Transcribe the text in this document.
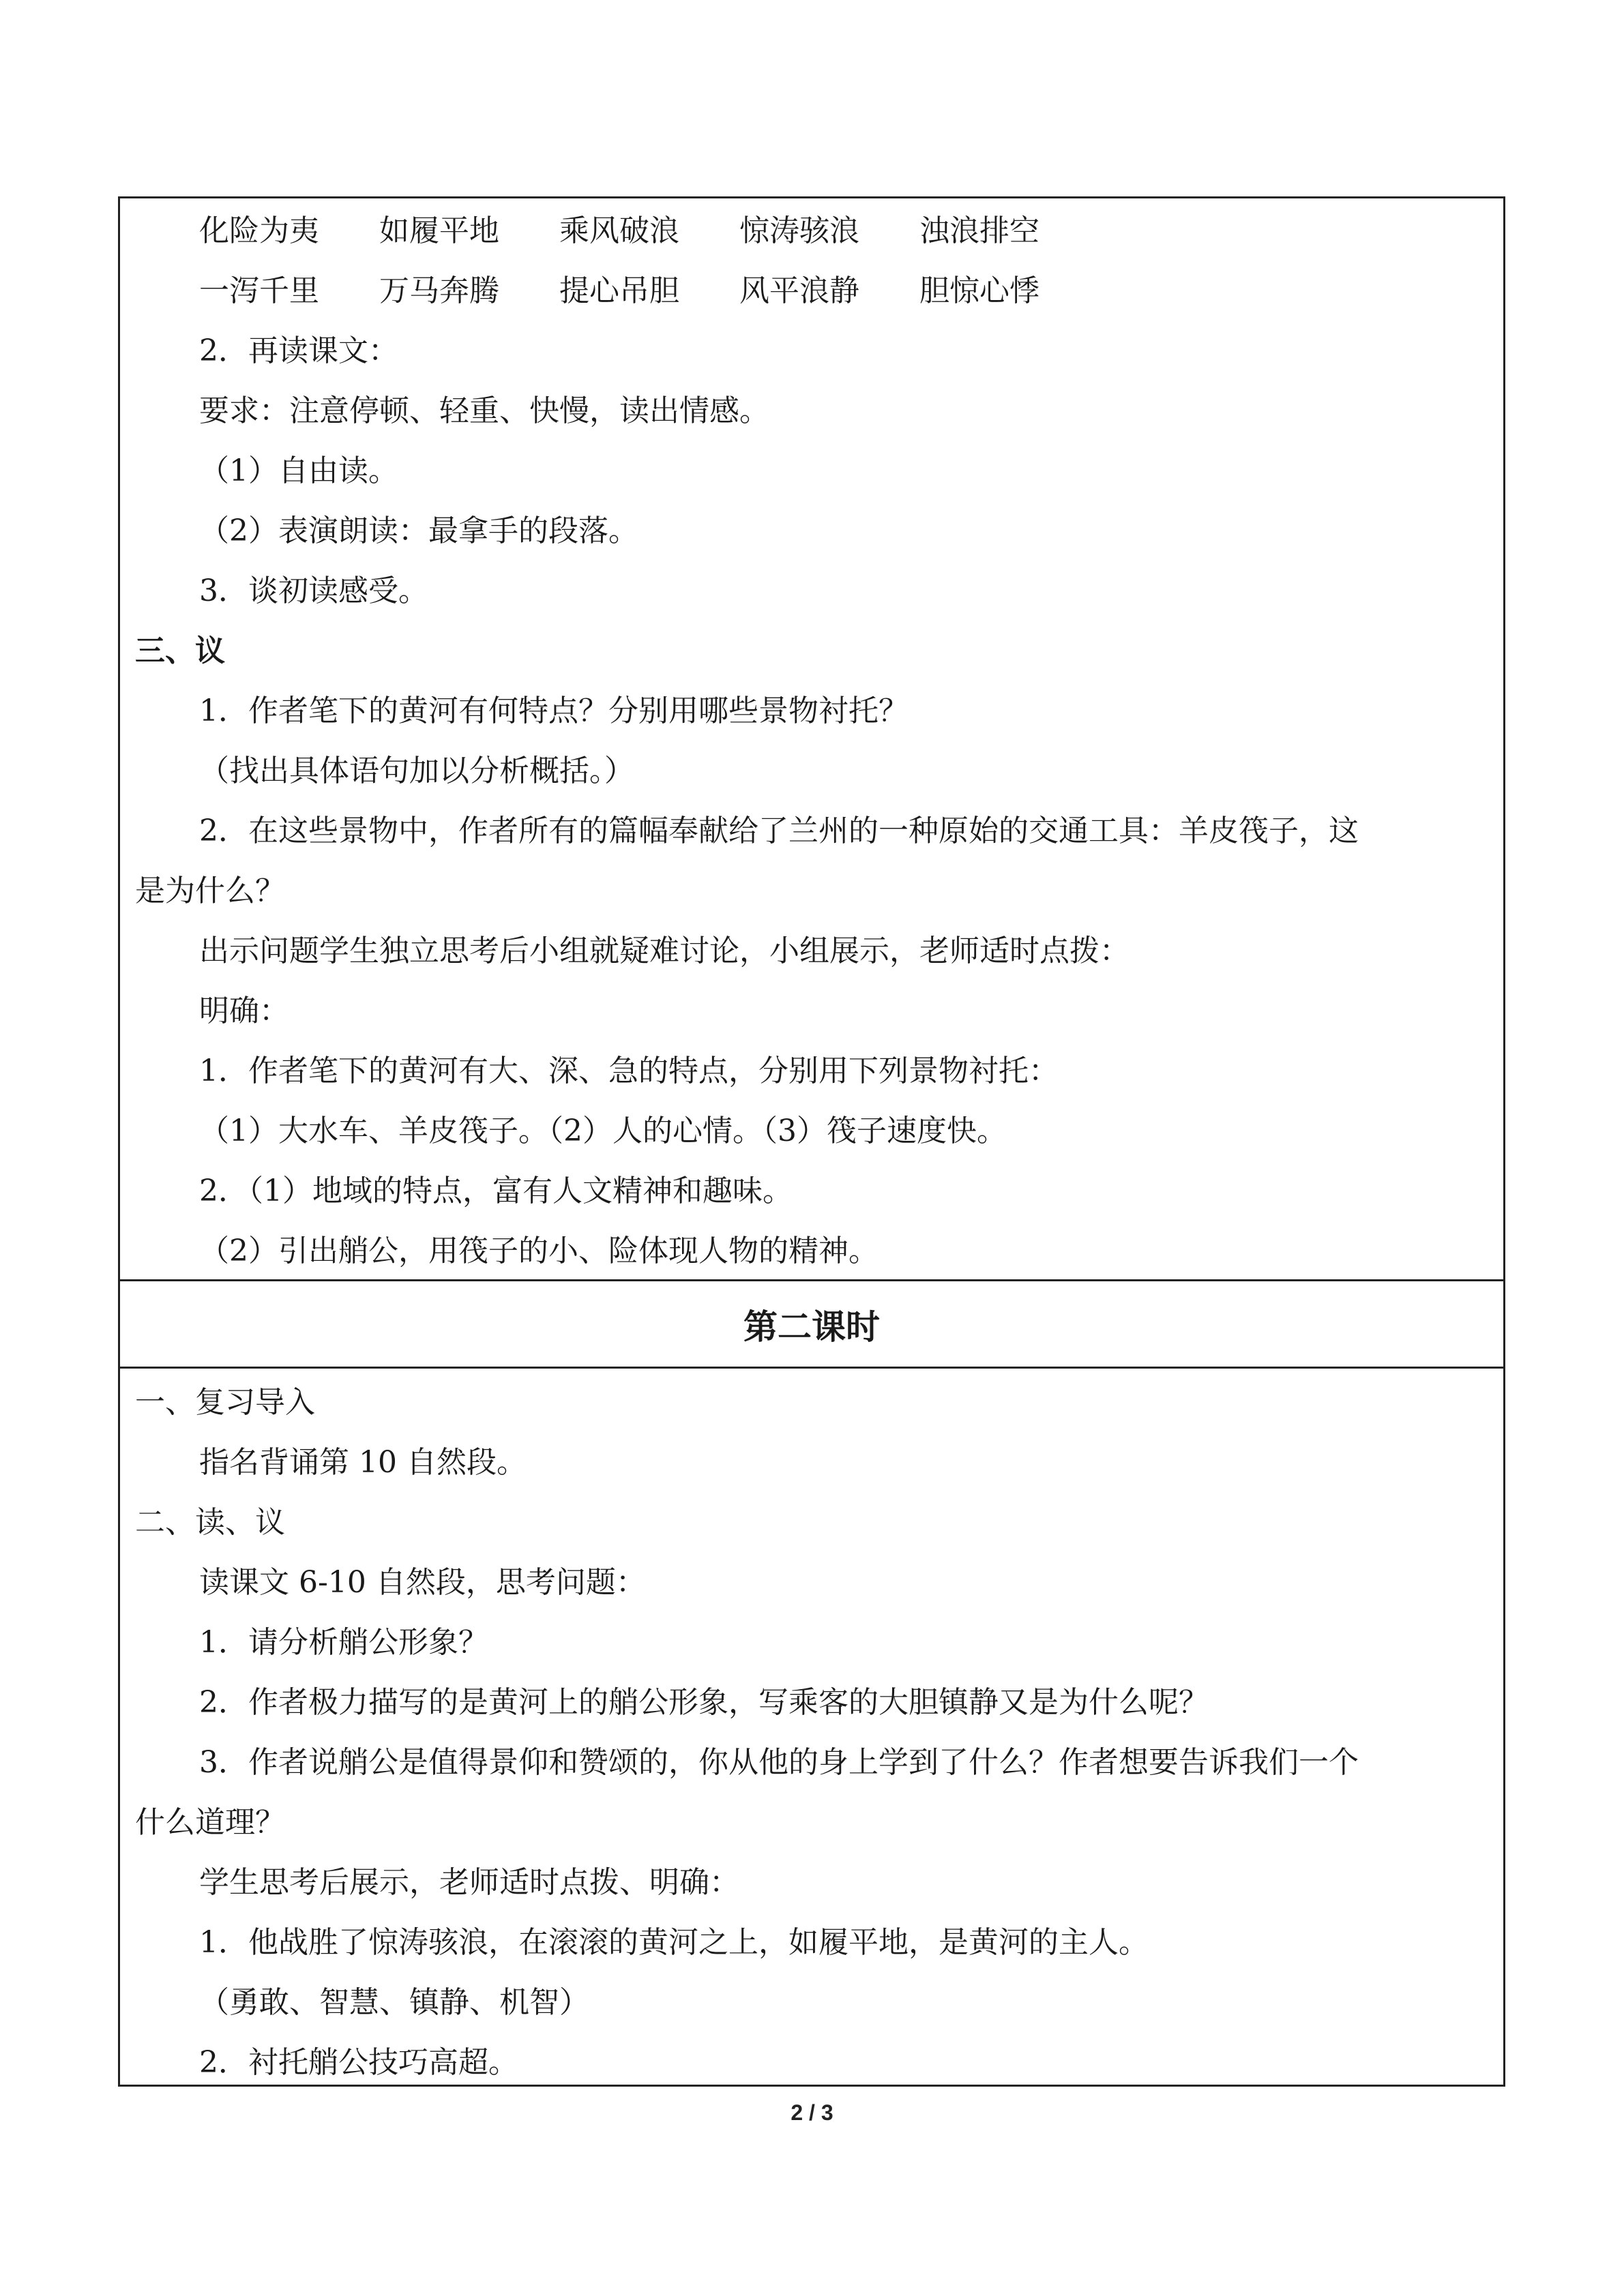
化险为夷 如履平地 乘风破浪 惊涛骇浪 浊浪排空
一泻千里 万马奔腾 提心吊胆 风平浪静 胆惊心悸
2．再读课文：
要求：注意停顿、轻重、快慢，读出情感。
（1）自由读。
（2）表演朗读：最拿手的段落。
3．谈初读感受。
三、议
1．作者笔下的黄河有何特点？分别用哪些景物衬托？
（找出具体语句加以分析概括。）
2．在这些景物中，作者所有的篇幅奉献给了兰州的一种原始的交通工具：羊皮筏子，这
是为什么？
出示问题学生独立思考后小组就疑难讨论，小组展示，老师适时点拨：
明确：
1．作者笔下的黄河有大、深、急的特点，分别用下列景物衬托：
（1）大水车、羊皮筏子。（2）人的心情。（3）筏子速度快。
2．（1）地域的特点，富有人文精神和趣味。
（2）引出艄公，用筏子的小、险体现人物的精神。
第二课时
一、复习导入
指名背诵第 10 自然段。
二、读、议
读课文 6-10 自然段，思考问题：
1．请分析艄公形象？
2．作者极力描写的是黄河上的艄公形象，写乘客的大胆镇静又是为什么呢？
3．作者说艄公是值得景仰和赞颂的，你从他的身上学到了什么？作者想要告诉我们一个
什么道理？
学生思考后展示，老师适时点拨、明确：
1．他战胜了惊涛骇浪，在滚滚的黄河之上，如履平地，是黄河的主人。
（勇敢、智慧、镇静、机智）
2．衬托艄公技巧高超。
2 / 3
